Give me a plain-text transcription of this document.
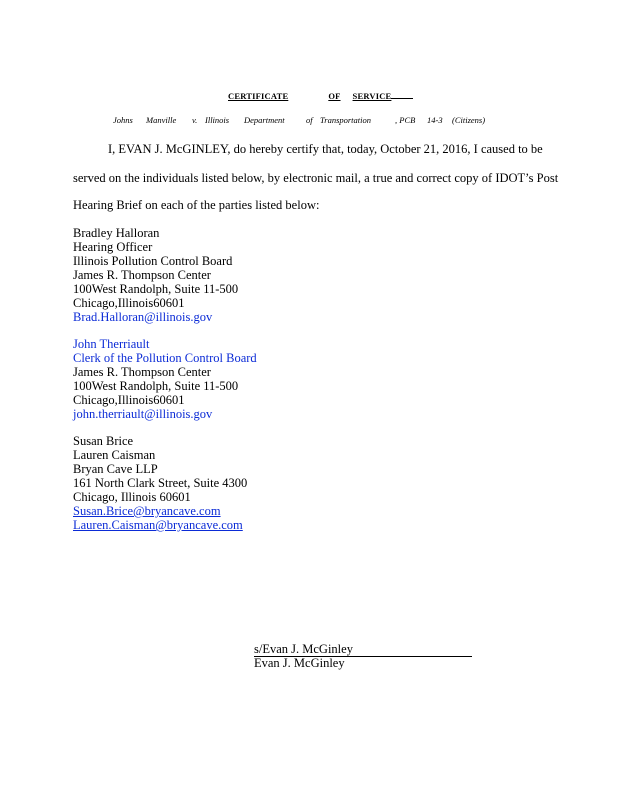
CERTIFICATE	OF SERVICE
Johns Manville v. Illinois Department	of Transportation	, PCB 14-3 (Citizens)
I, EVAN J. McGINLEY, do hereby certify that, today, October 21, 2016, I caused to be
served on the individuals listed below, by electronic mail, a true and correct copy of IDOT’s Post
Hearing Brief on each of the parties listed below:
Bradley Halloran
Hearing Officer
Illinois Pollution Control Board
James R. Thompson Center
100West Randolph, Suite 11-500
Chicago,Illinois60601
Brad.Halloran@illinois.gov
John Therriault
Clerk of the Pollution Control Board
James R. Thompson Center
100West Randolph, Suite 11-500
Chicago,Illinois60601
john.therriault@illinois.gov
Susan Brice
Lauren Caisman
Bryan Cave LLP
161 North Clark Street, Suite 4300
Chicago, Illinois 60601
Susan.Brice@bryancave.com
Lauren.Caisman@bryancave.com
s/Evan J. McGinley
Evan J. McGinley
